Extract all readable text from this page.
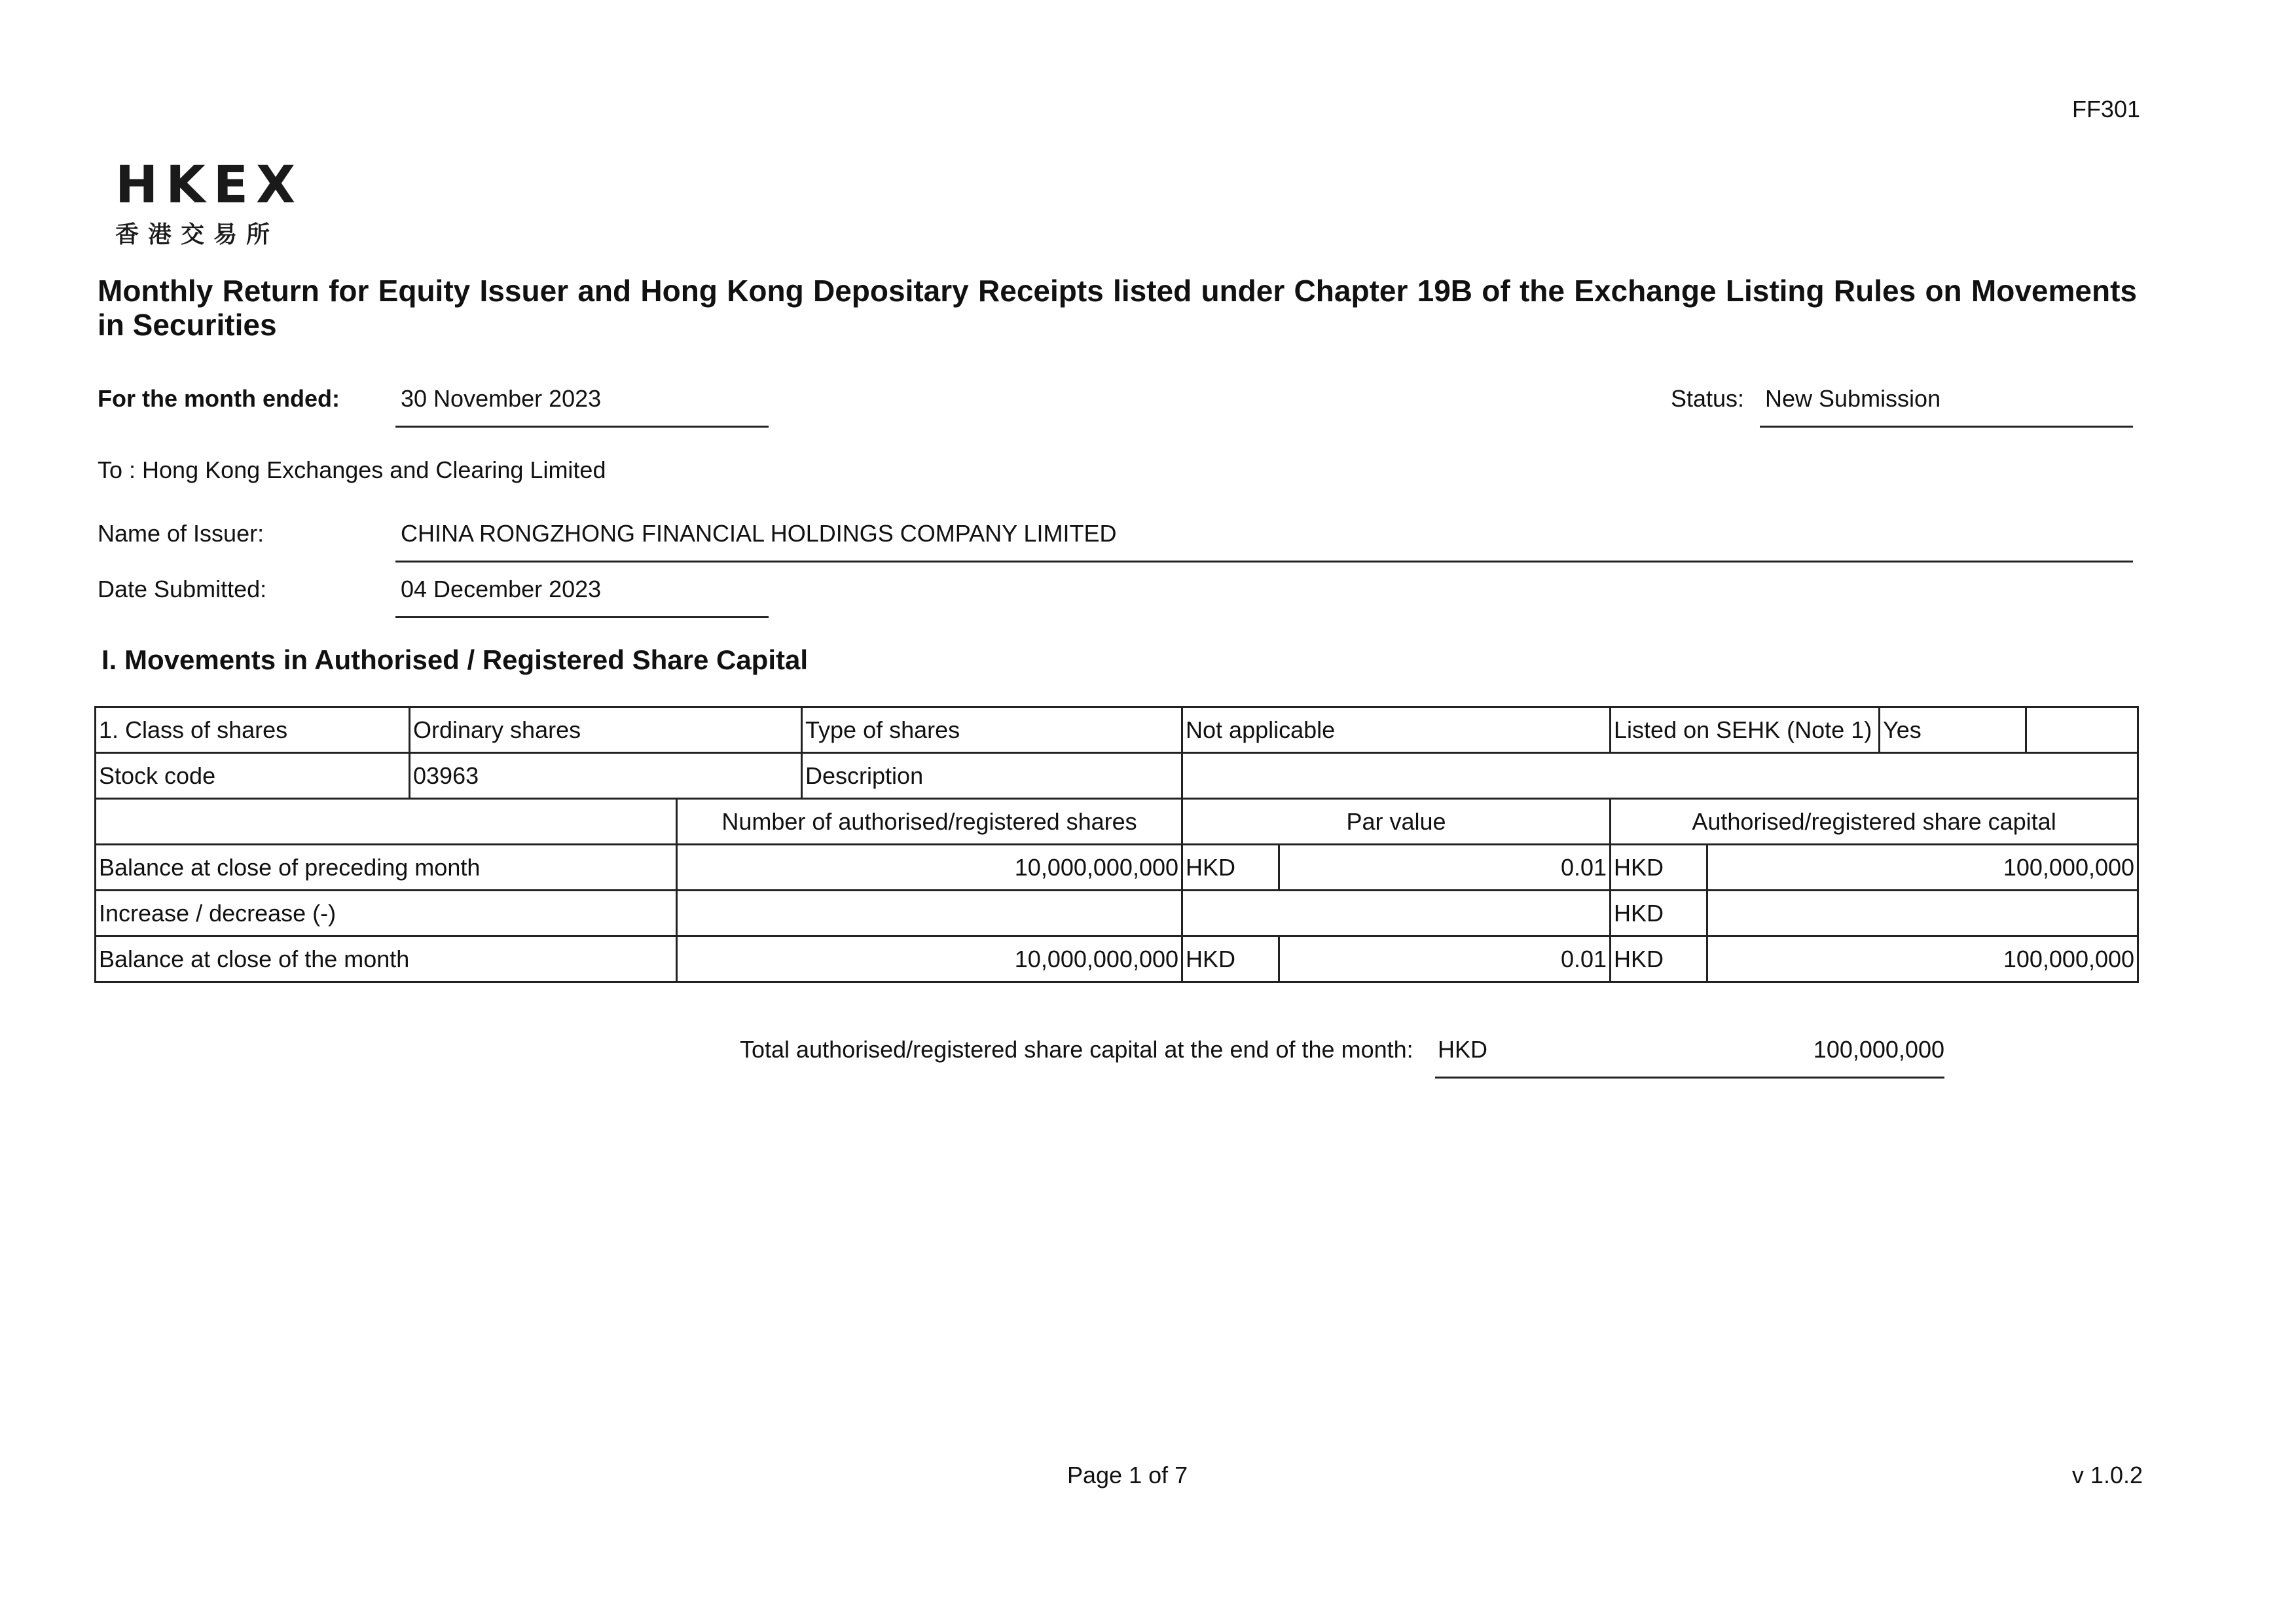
FF301
HKEX
香港交易所
Monthly Return for Equity Issuer and Hong Kong Depositary Receipts listed under Chapter 19B of the Exchange Listing Rules on Movements in Securities
For the month ended:	30 November 2023	Status: New Submission
To : Hong Kong Exchanges and Clearing Limited
Name of Issuer:	CHINA RONGZHONG FINANCIAL HOLDINGS COMPANY LIMITED
Date Submitted:	04 December 2023
I. Movements in Authorised / Registered Share Capital
1. Class of shares	Ordinary shares		Type of shares	Not applicable		Listed on SEHK (Note 1)		Yes

Stock code	03963		Description					
		Number of authorised/registered shares		Par value		Authorised/registered share capital		
Balance at close of preceding month		10,000,000,000		HKD	0.01	HKD	100,000,000	
Increase / decrease (-)						HKD		
Balance at close of the month		10,000,000,000		HKD	0.01	HKD	100,000,000	
Total authorised/registered share capital at the end of the month: HKD	100,000,000
Page 1 of 7	v 1.0.2
